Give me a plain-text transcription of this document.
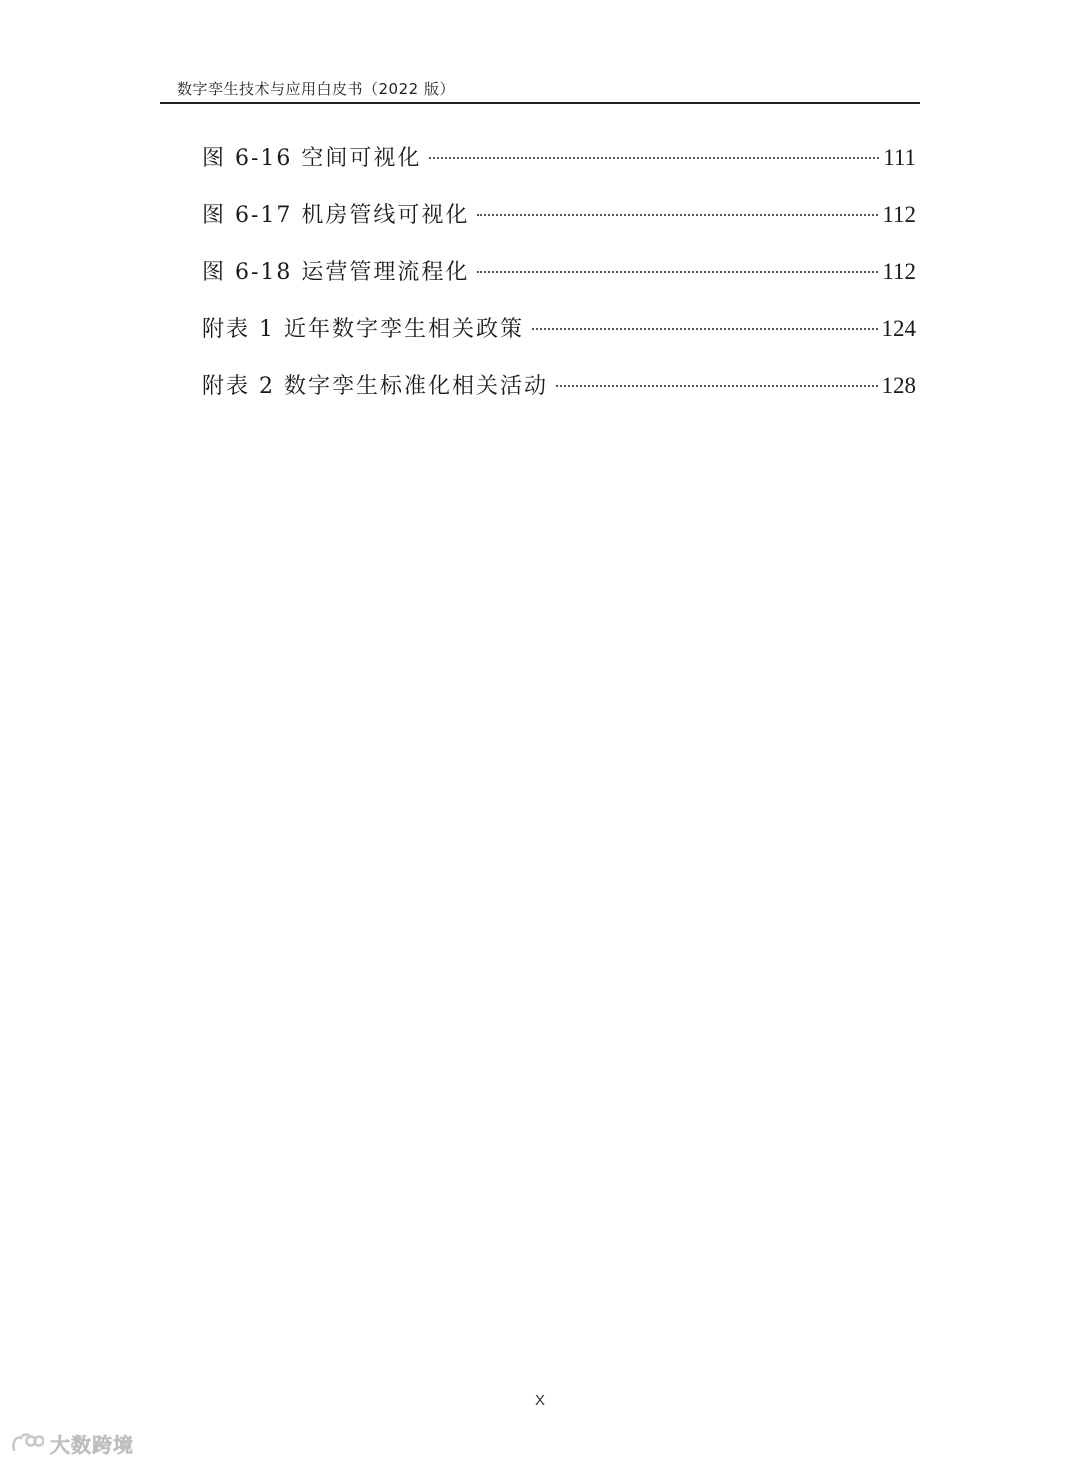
数字孪生技术与应用白皮书（2022 版）
图 6-16 空间可视化	111
图 6-17 机房管线可视化	112
图 6-18 运营管理流程化	112
附表 1 近年数字孪生相关政策	124
附表 2 数字孪生标准化相关活动	128
X
大数跨境
